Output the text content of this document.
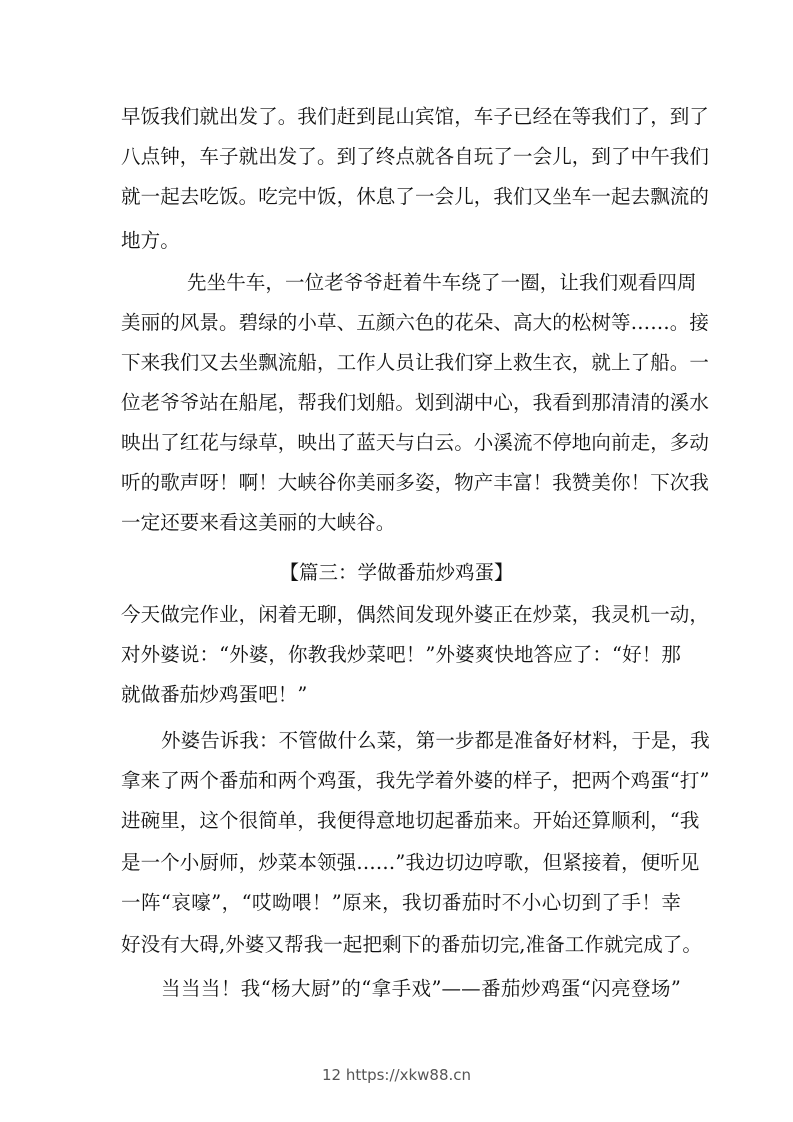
早饭我们就出发了。我们赶到昆山宾馆，车子已经在等我们了，到了
八点钟，车子就出发了。到了终点就各自玩了一会儿，到了中午我们
就一起去吃饭。吃完中饭，休息了一会儿，我们又坐车一起去飘流的
地方。
先坐牛车，一位老爷爷赶着牛车绕了一圈，让我们观看四周
美丽的风景。碧绿的小草、五颜六色的花朵、高大的松树等……。接
下来我们又去坐飘流船，工作人员让我们穿上救生衣，就上了船。一
位老爷爷站在船尾，帮我们划船。划到湖中心，我看到那清清的溪水
映出了红花与绿草，映出了蓝天与白云。小溪流不停地向前走，多动
听的歌声呀！啊！大峡谷你美丽多姿，物产丰富！我赞美你！下次我
一定还要来看这美丽的大峡谷。
【篇三：学做番茄炒鸡蛋】
今天做完作业，闲着无聊，偶然间发现外婆正在炒菜，我灵机一动，
对外婆说：“外婆，你教我炒菜吧！”外婆爽快地答应了：“好！那
就做番茄炒鸡蛋吧！”
外婆告诉我：不管做什么菜，第一步都是准备好材料，于是，我
拿来了两个番茄和两个鸡蛋，我先学着外婆的样子，把两个鸡蛋“打”
进碗里，这个很简单，我便得意地切起番茄来。开始还算顺利，“我
是一个小厨师，炒菜本领强……”我边切边哼歌，但紧接着，便听见
一阵“哀嚎”，“哎呦喂！”原来，我切番茄时不小心切到了手！幸
好没有大碍,外婆又帮我一起把剩下的番茄切完,准备工作就完成了。
当当当！我“杨大厨”的“拿手戏”——番茄炒鸡蛋“闪亮登场”
12 https://xkw88.cn
